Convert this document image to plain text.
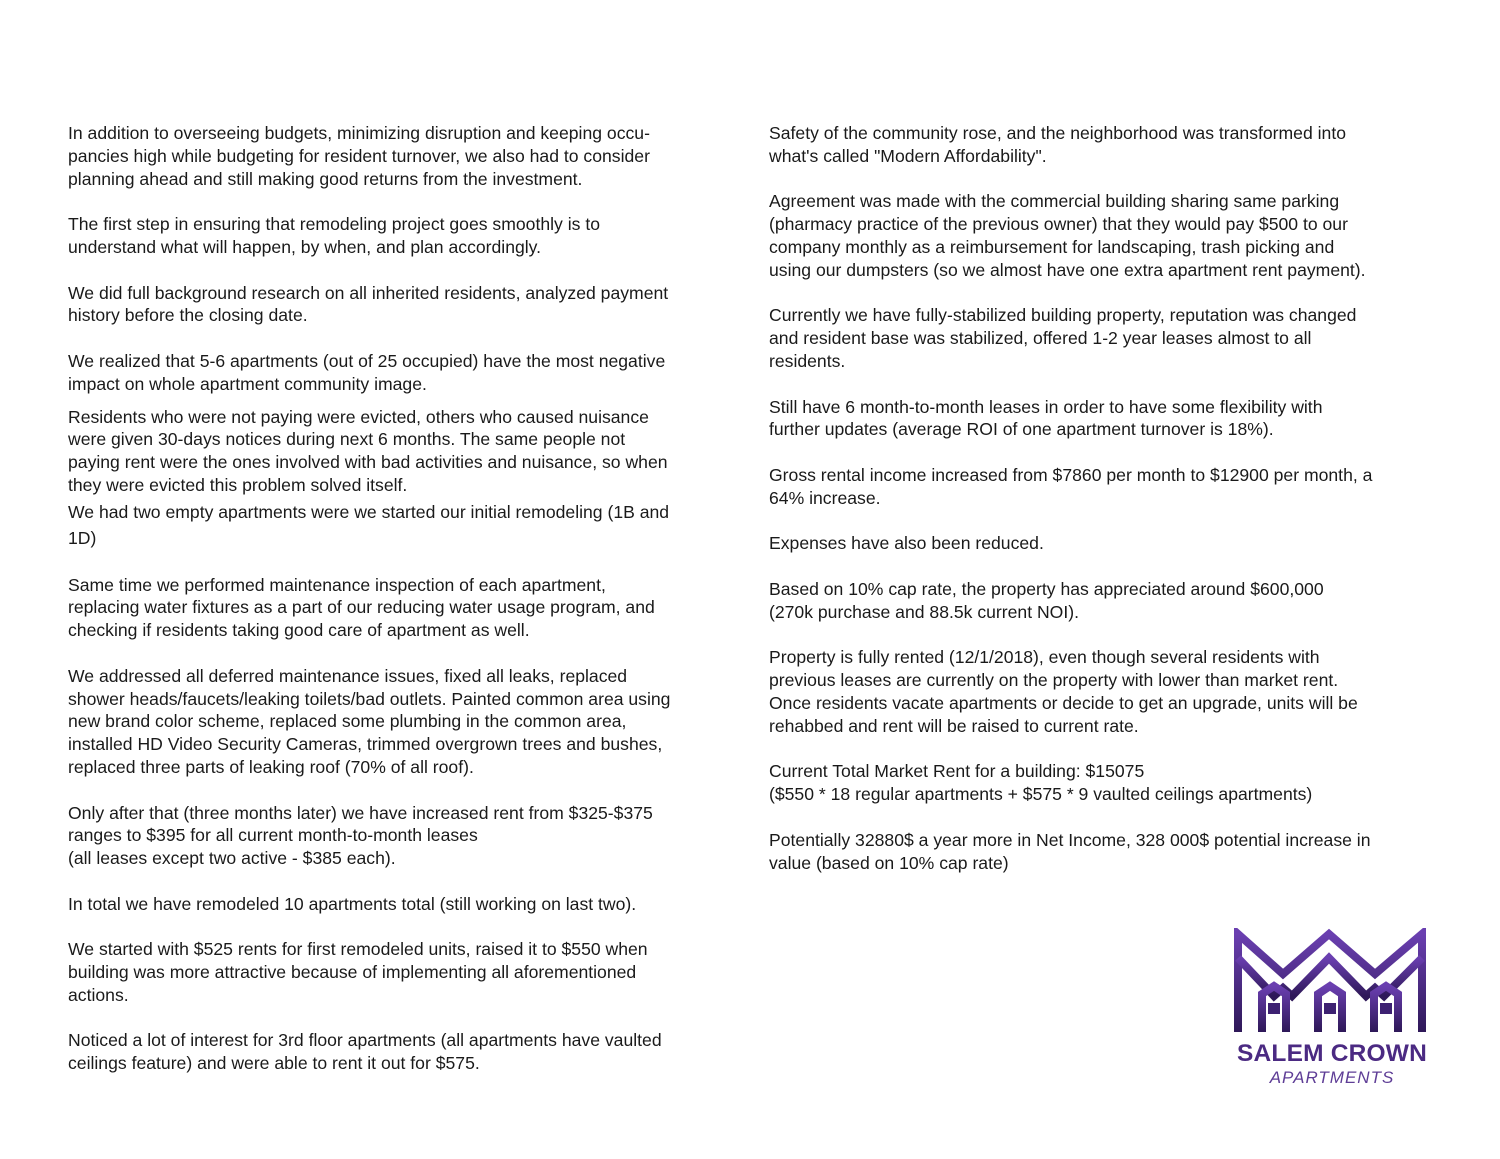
In addition to overseeing budgets, minimizing disruption and keeping occu-

pancies high while budgeting for resident turnover, we also had to consider

planning ahead and still making good returns from the investment.

The first step in ensuring that remodeling project goes smoothly is to

understand what will happen, by when, and plan accordingly.

We did full background research on all inherited residents, analyzed payment

history before the closing date.

We realized that 5-6 apartments (out of 25 occupied) have the most negative

impact on whole apartment community image.

Residents who were not paying were evicted, others who caused nuisance

were given 30-days notices during next 6 months. The same people not

paying rent were the ones involved with bad activities and nuisance, so when

they were evicted this problem solved itself.

We had two empty apartments were we started our initial remodeling (1B and

1D)

Same time we performed maintenance inspection of each apartment,

replacing water fixtures as a part of our reducing water usage program, and

checking if residents taking good care of apartment as well.

We addressed all deferred maintenance issues, fixed all leaks, replaced

shower heads/faucets/leaking toilets/bad outlets. Painted common area using

new brand color scheme, replaced some plumbing in the common area,

installed HD Video Security Cameras, trimmed overgrown trees and bushes,

replaced three parts of leaking roof (70% of all roof).

Only after that (three months later) we have increased rent from $325-$375

ranges to $395 for all current month-to-month leases

(all leases except two active - $385 each).

In total we have remodeled 10 apartments total (still working on last two).

We started with $525 rents for first remodeled units, raised it to $550 when

building was more attractive because of implementing all aforementioned

actions.

Noticed a lot of interest for 3rd floor apartments (all apartments have vaulted

ceilings feature) and were able to rent it out for $575.

Safety of the community rose, and the neighborhood was transformed into

what's called "Modern Affordability".

Agreement was made with the commercial building sharing same parking

(pharmacy practice of the previous owner) that they would pay $500 to our

company monthly as a reimbursement for landscaping, trash picking and

using our dumpsters (so we almost have one extra apartment rent payment).

Currently we have fully-stabilized building property, reputation was changed

and resident base was stabilized, offered 1-2 year leases almost to all

residents.

Still have 6 month-to-month leases in order to have some flexibility with

further updates (average ROI of one apartment turnover is 18%).

Gross rental income increased from $7860 per month to $12900 per month, a

64% increase.

Expenses have also been reduced.

Based on 10% cap rate, the property has appreciated around $600,000

(270k purchase and 88.5k current NOI).

Property is fully rented (12/1/2018), even though several residents with

previous leases are currently on the property with lower than market rent.

Once residents vacate apartments or decide to get an upgrade, units will be

rehabbed and rent will be raised to current rate.

Current Total Market Rent for a building: $15075

($550 * 18 regular apartments + $575 * 9 vaulted ceilings apartments)

Potentially 32880$ a year more in Net Income, 328 000$ potential increase in

value (based on 10% cap rate)

SALEM CROWN
APARTMENTS
